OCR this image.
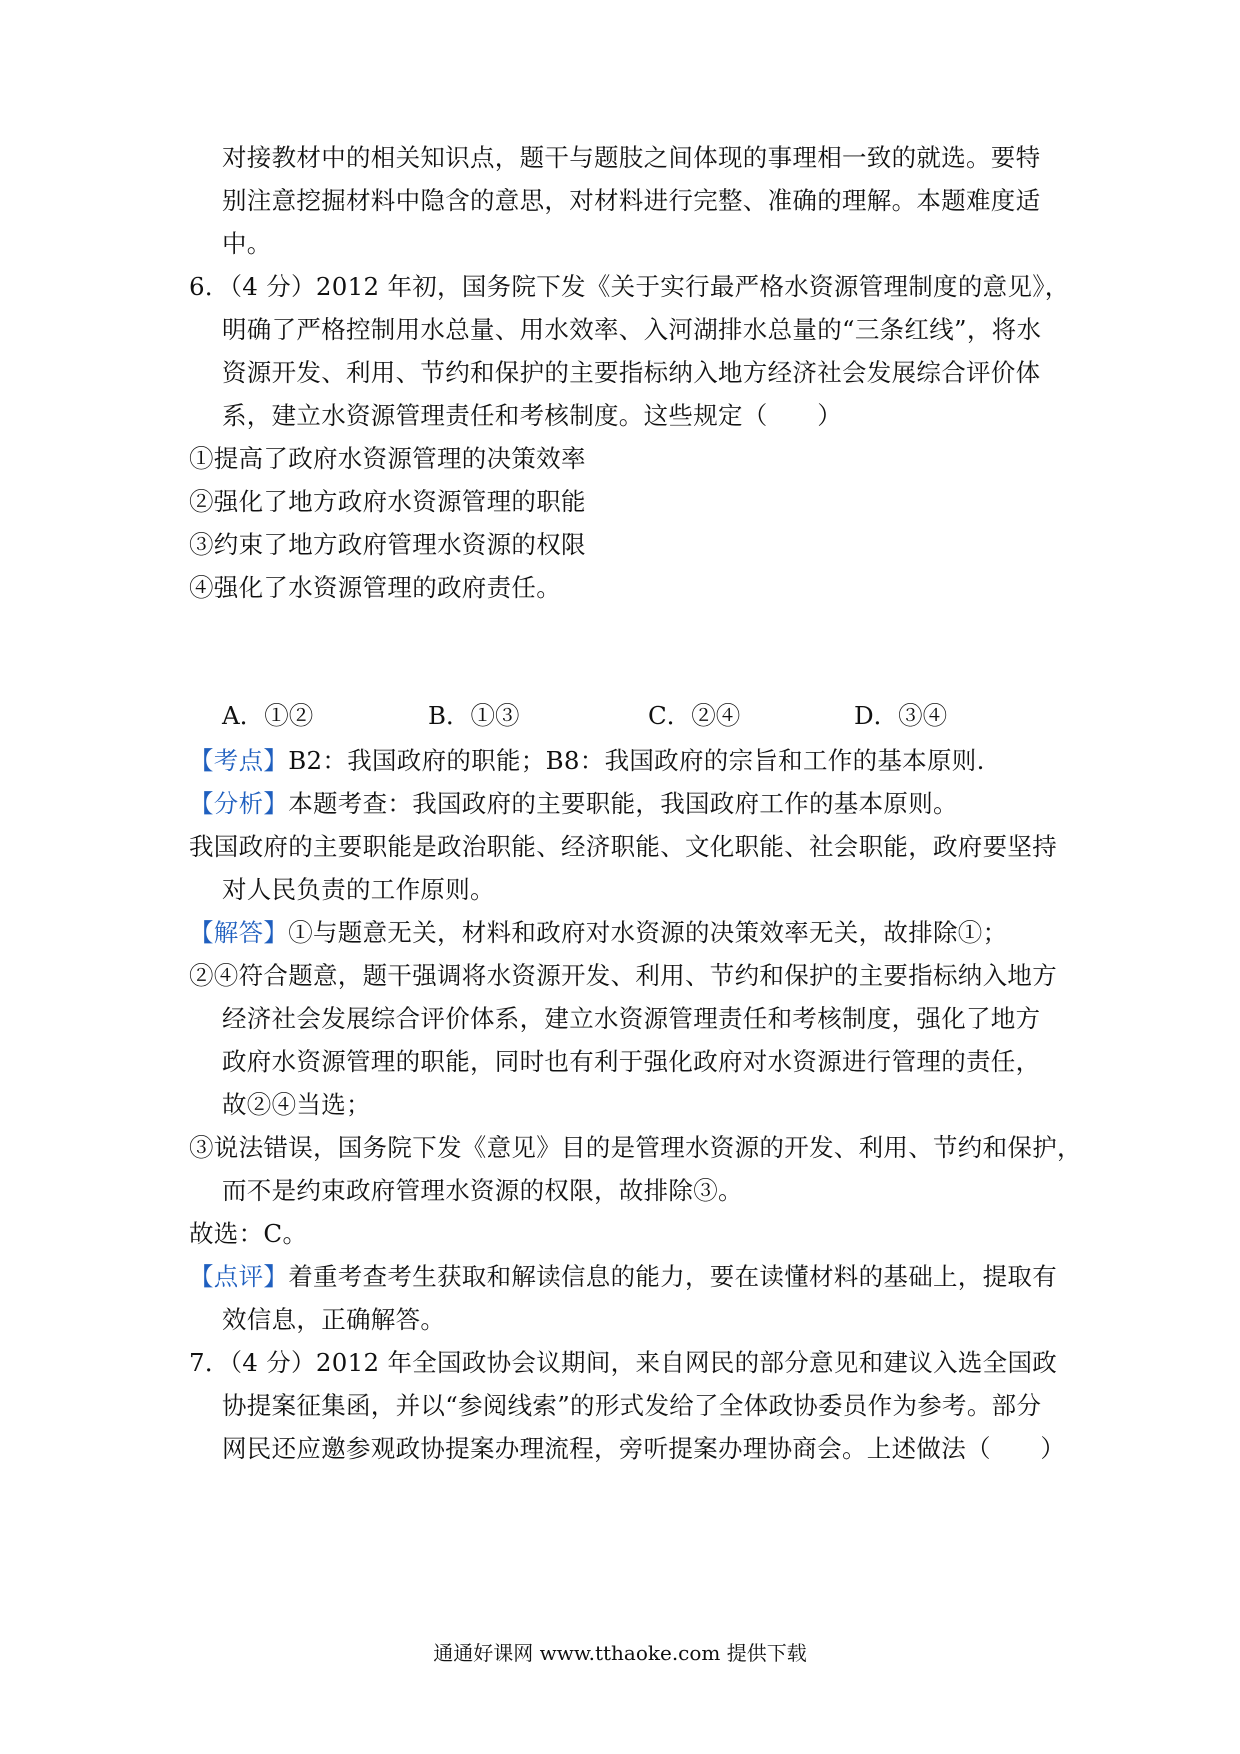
对接教材中的相关知识点，题干与题肢之间体现的事理相一致的就选。要特
别注意挖掘材料中隐含的意思，对材料进行完整、准确的理解。本题难度适
中。
6．（4 分）2012 年初，国务院下发《关于实行最严格水资源管理制度的意见》，
明确了严格控制用水总量、用水效率、入河湖排水总量的“三条红线”，将水
资源开发、利用、节约和保护的主要指标纳入地方经济社会发展综合评价体
系，建立水资源管理责任和考核制度。这些规定（　　）
①提高了政府水资源管理的决策效率
②强化了地方政府水资源管理的职能
③约束了地方政府管理水资源的权限
④强化了水资源管理的政府责任。
A．①②	B．①③	C．②④	D．③④
【考点】B2：我国政府的职能；B8：我国政府的宗旨和工作的基本原则.
【分析】本题考查：我国政府的主要职能，我国政府工作的基本原则。
我国政府的主要职能是政治职能、经济职能、文化职能、社会职能，政府要坚持
对人民负责的工作原则。
【解答】①与题意无关，材料和政府对水资源的决策效率无关，故排除①；
②④符合题意，题干强调将水资源开发、利用、节约和保护的主要指标纳入地方
经济社会发展综合评价体系，建立水资源管理责任和考核制度，强化了地方
政府水资源管理的职能，同时也有利于强化政府对水资源进行管理的责任，
故②④当选；
③说法错误，国务院下发《意见》目的是管理水资源的开发、利用、节约和保护，
而不是约束政府管理水资源的权限，故排除③。
故选：C。
【点评】着重考查考生获取和解读信息的能力，要在读懂材料的基础上，提取有
效信息，正确解答。
7．（4 分）2012 年全国政协会议期间，来自网民的部分意见和建议入选全国政
协提案征集函，并以“参阅线索”的形式发给了全体政协委员作为参考。部分
网民还应邀参观政协提案办理流程，旁听提案办理协商会。上述做法（　　）
通通好课网 www.tthaoke.com 提供下载
